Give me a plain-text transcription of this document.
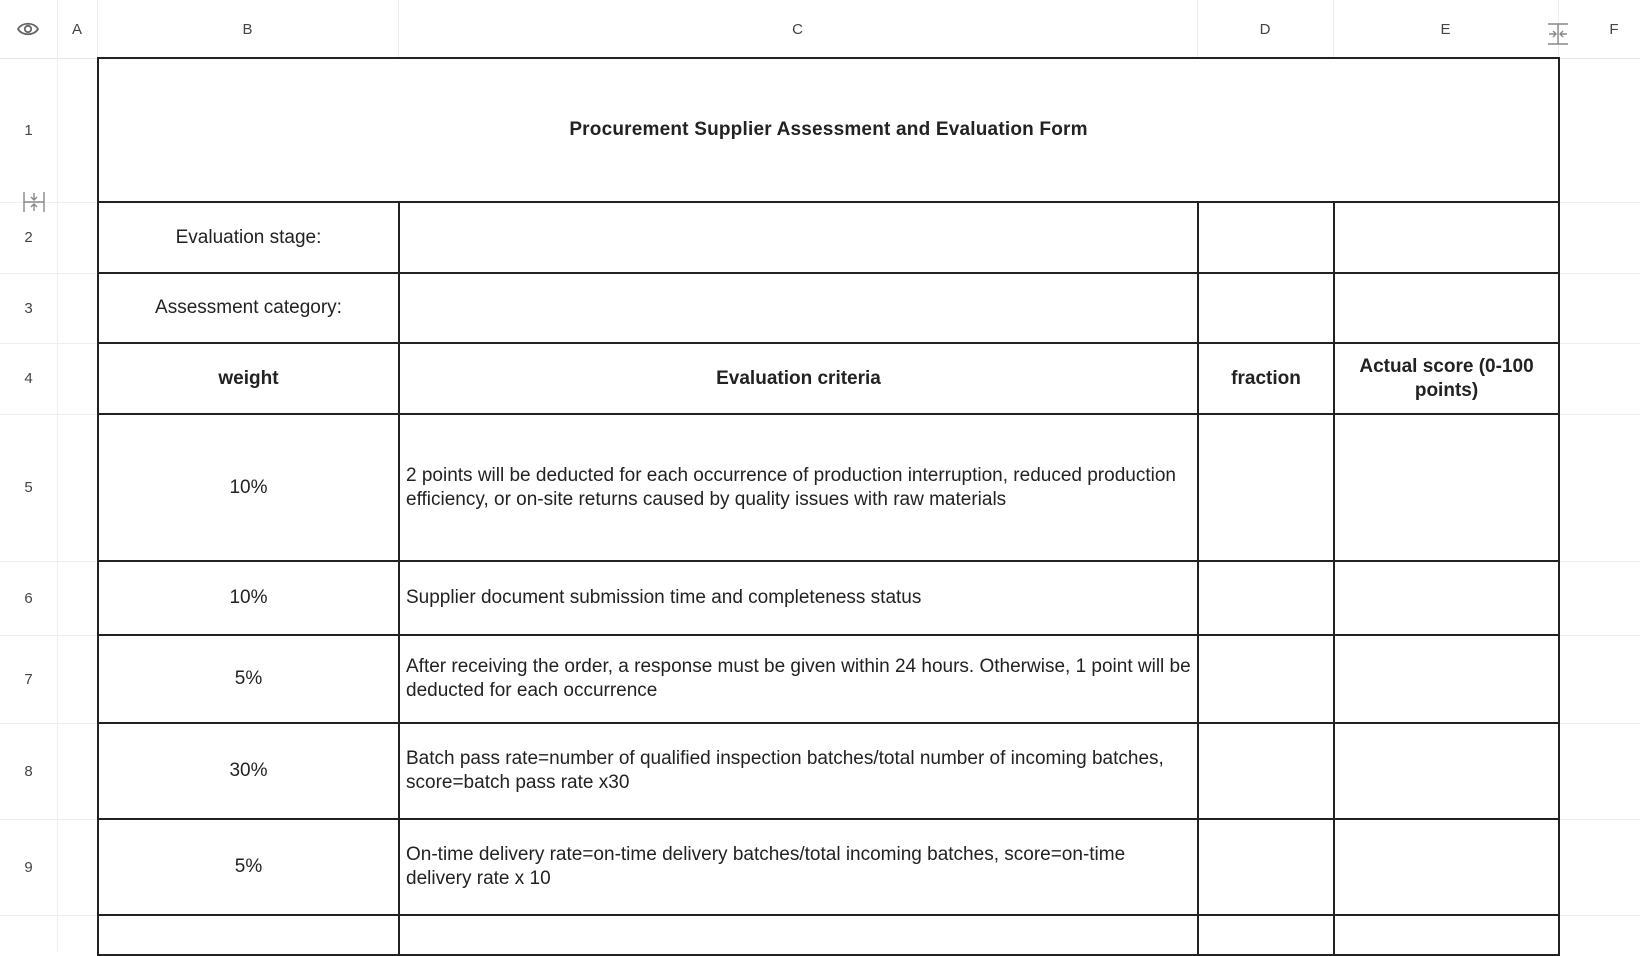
A	B	C	D	E	F
1
2
3
4
5
6
7
8
9
Procurement Supplier Assessment and Evaluation Form			
Evaluation stage:			
Assessment category:			
weight	Evaluation criteria	fraction	Actual score (0-100 points)
10%	2 points will be deducted for each occurrence of production interruption, reduced production efficiency, or on-site returns caused by quality issues with raw materials		
10%	Supplier document submission time and completeness status		
5%	After receiving the order, a response must be given within 24 hours. Otherwise, 1 point will be deducted for each occurrence		
30%	Batch pass rate=number of qualified inspection batches/total number of incoming batches, score=batch pass rate x30		
5%	On-time delivery rate=on-time delivery batches/total incoming batches, score=on-time delivery rate x 10		
